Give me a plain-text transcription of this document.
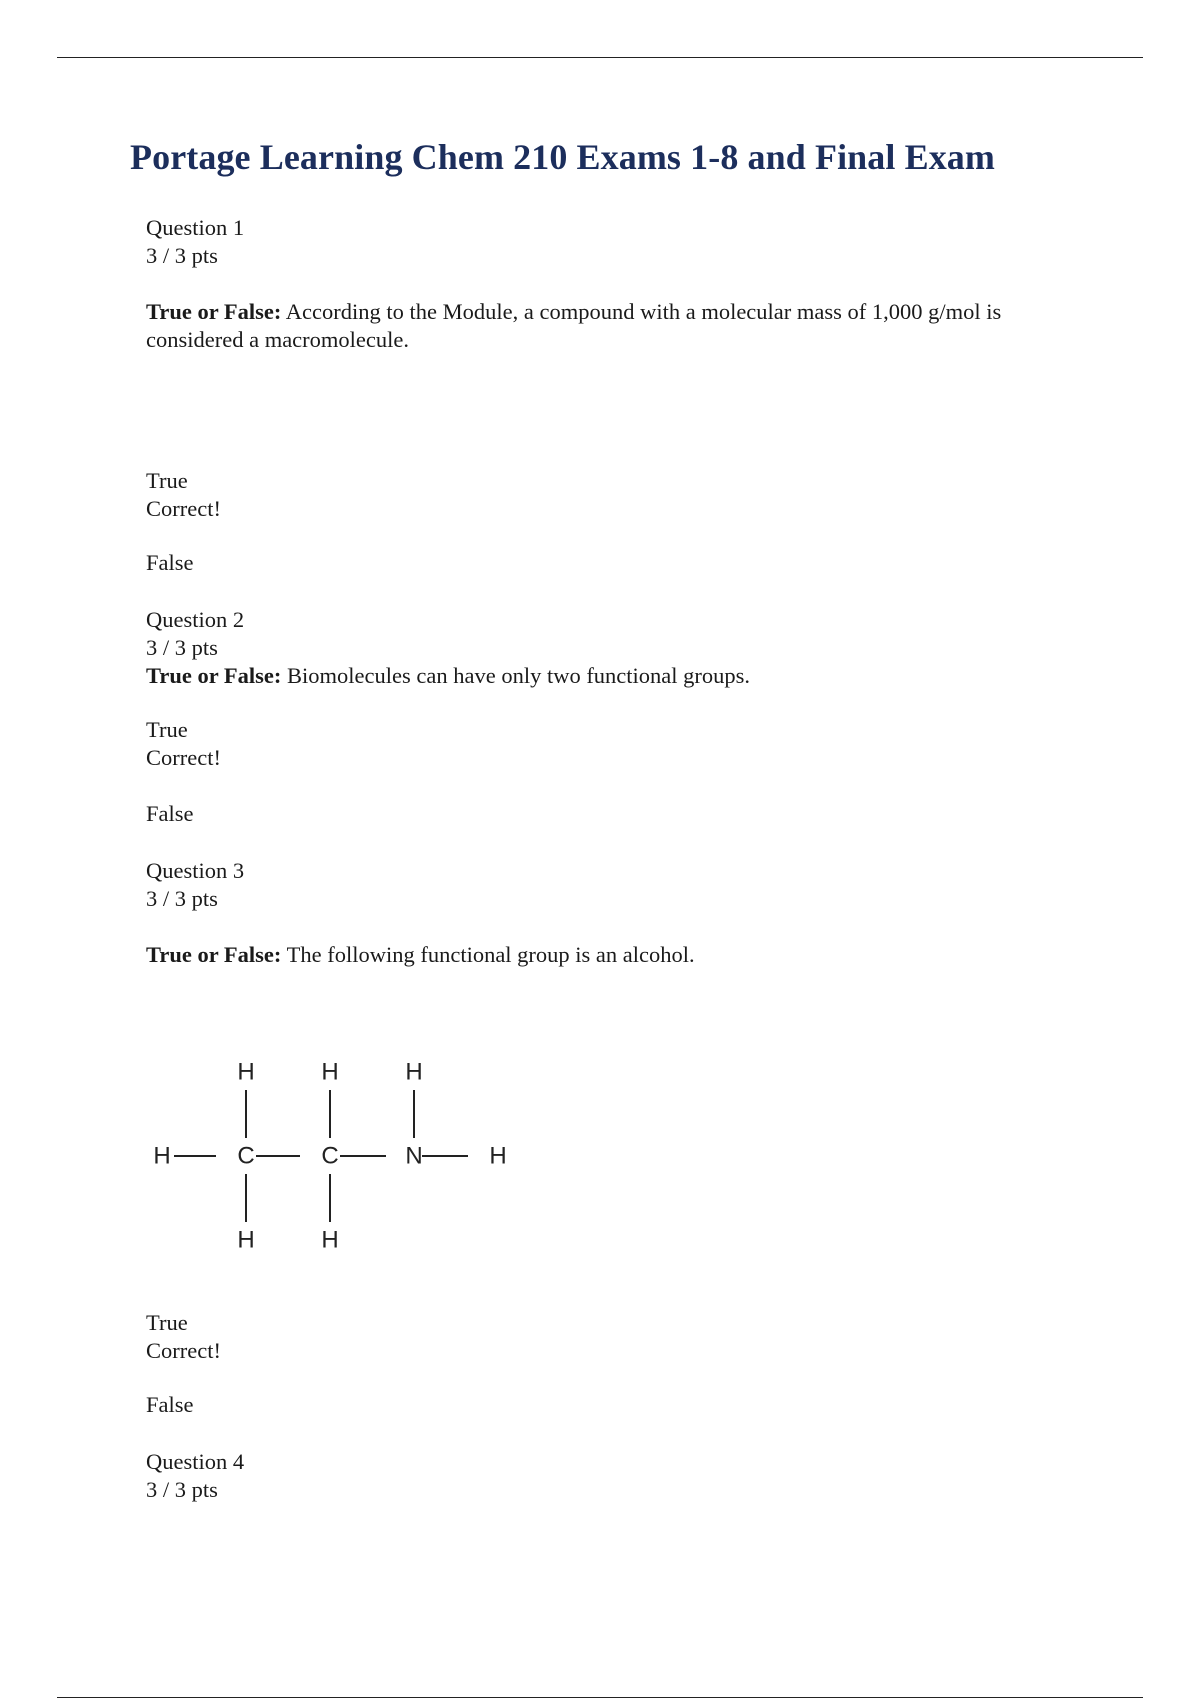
Portage Learning Chem 210 Exams 1-8 and Final Exam
Question 1
3 / 3 pts
True or False: According to the Module, a compound with a molecular mass of 1,000 g/mol is considered a macromolecule.
True
Correct!
False
Question 2
3 / 3 pts
True or False: Biomolecules can have only two functional groups.
True
Correct!
False
Question 3
3 / 3 pts
True or False: The following functional group is an alcohol.
H	C	C	N	H
H	H	H
H	H
True
Correct!
False
Question 4
3 / 3 pts
